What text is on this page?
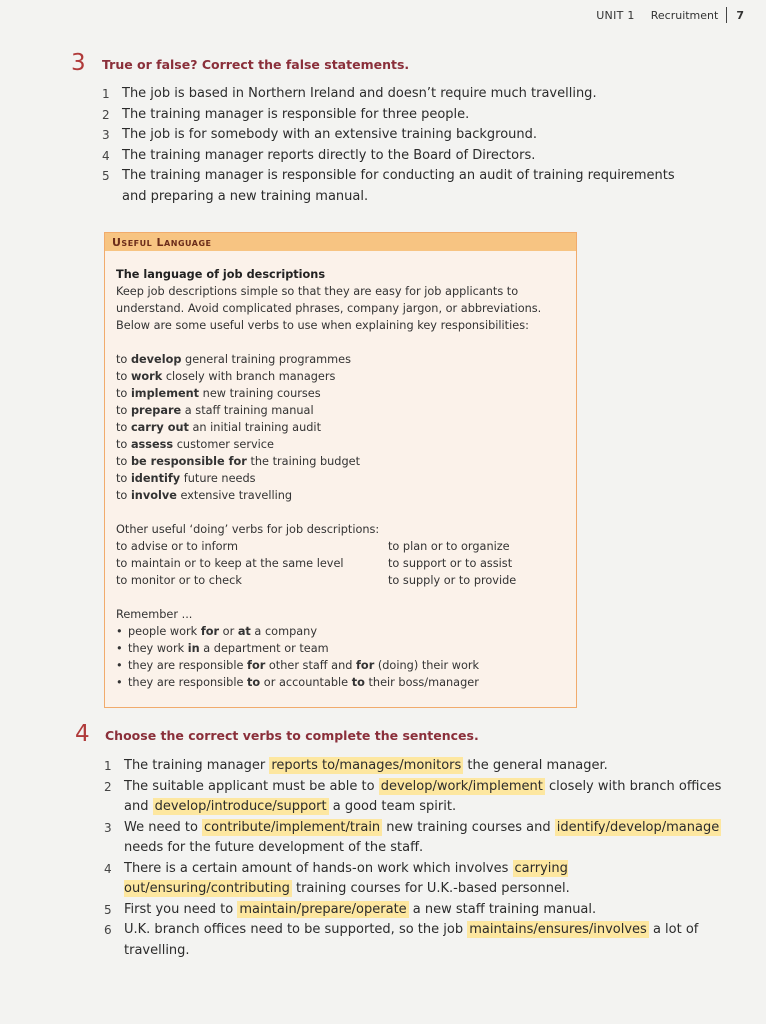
UNIT 1 Recruitment 7
3 True or false? Correct the false statements.
1 The job is based in Northern Ireland and doesn’t require much travelling.
2 The training manager is responsible for three people.
3 The job is for somebody with an extensive training background.
4 The training manager reports directly to the Board of Directors.
5 The training manager is responsible for conducting an audit of training requirements and preparing a new training manual.
Useful Language
The language of job descriptions
Keep job descriptions simple so that they are easy for job applicants to
understand. Avoid complicated phrases, company jargon, or abbreviations.
Below are some useful verbs to use when explaining key responsibilities:
to develop general training programmes
to work closely with branch managers
to implement new training courses
to prepare a staff training manual
to carry out an initial training audit
to assess customer service
to be responsible for the training budget
to identify future needs
to involve extensive travelling
Other useful ‘doing’ verbs for job descriptions:
to advise or to inform
to maintain or to keep at the same level
to monitor or to check
to plan or to organize
to support or to assist
to supply or to provide
Remember ...
• people work for or at a company
• they work in a department or team
• they are responsible for other staff and for (doing) their work
• they are responsible to or accountable to their boss/manager
4 Choose the correct verbs to complete the sentences.
1 The training manager reports to/manages/monitors the general manager.
2 The suitable applicant must be able to develop/work/implement closely with branch offices and develop/introduce/support a good team spirit.
3 We need to contribute/implement/train new training courses and identify/develop/manage needs for the future development of the staff.
4 There is a certain amount of hands-on work which involves carrying out/ensuring/contributing training courses for U.K.-based personnel.
5 First you need to maintain/prepare/operate a new staff training manual.
6 U.K. branch offices need to be supported, so the job maintains/ensures/involves a lot of travelling.
